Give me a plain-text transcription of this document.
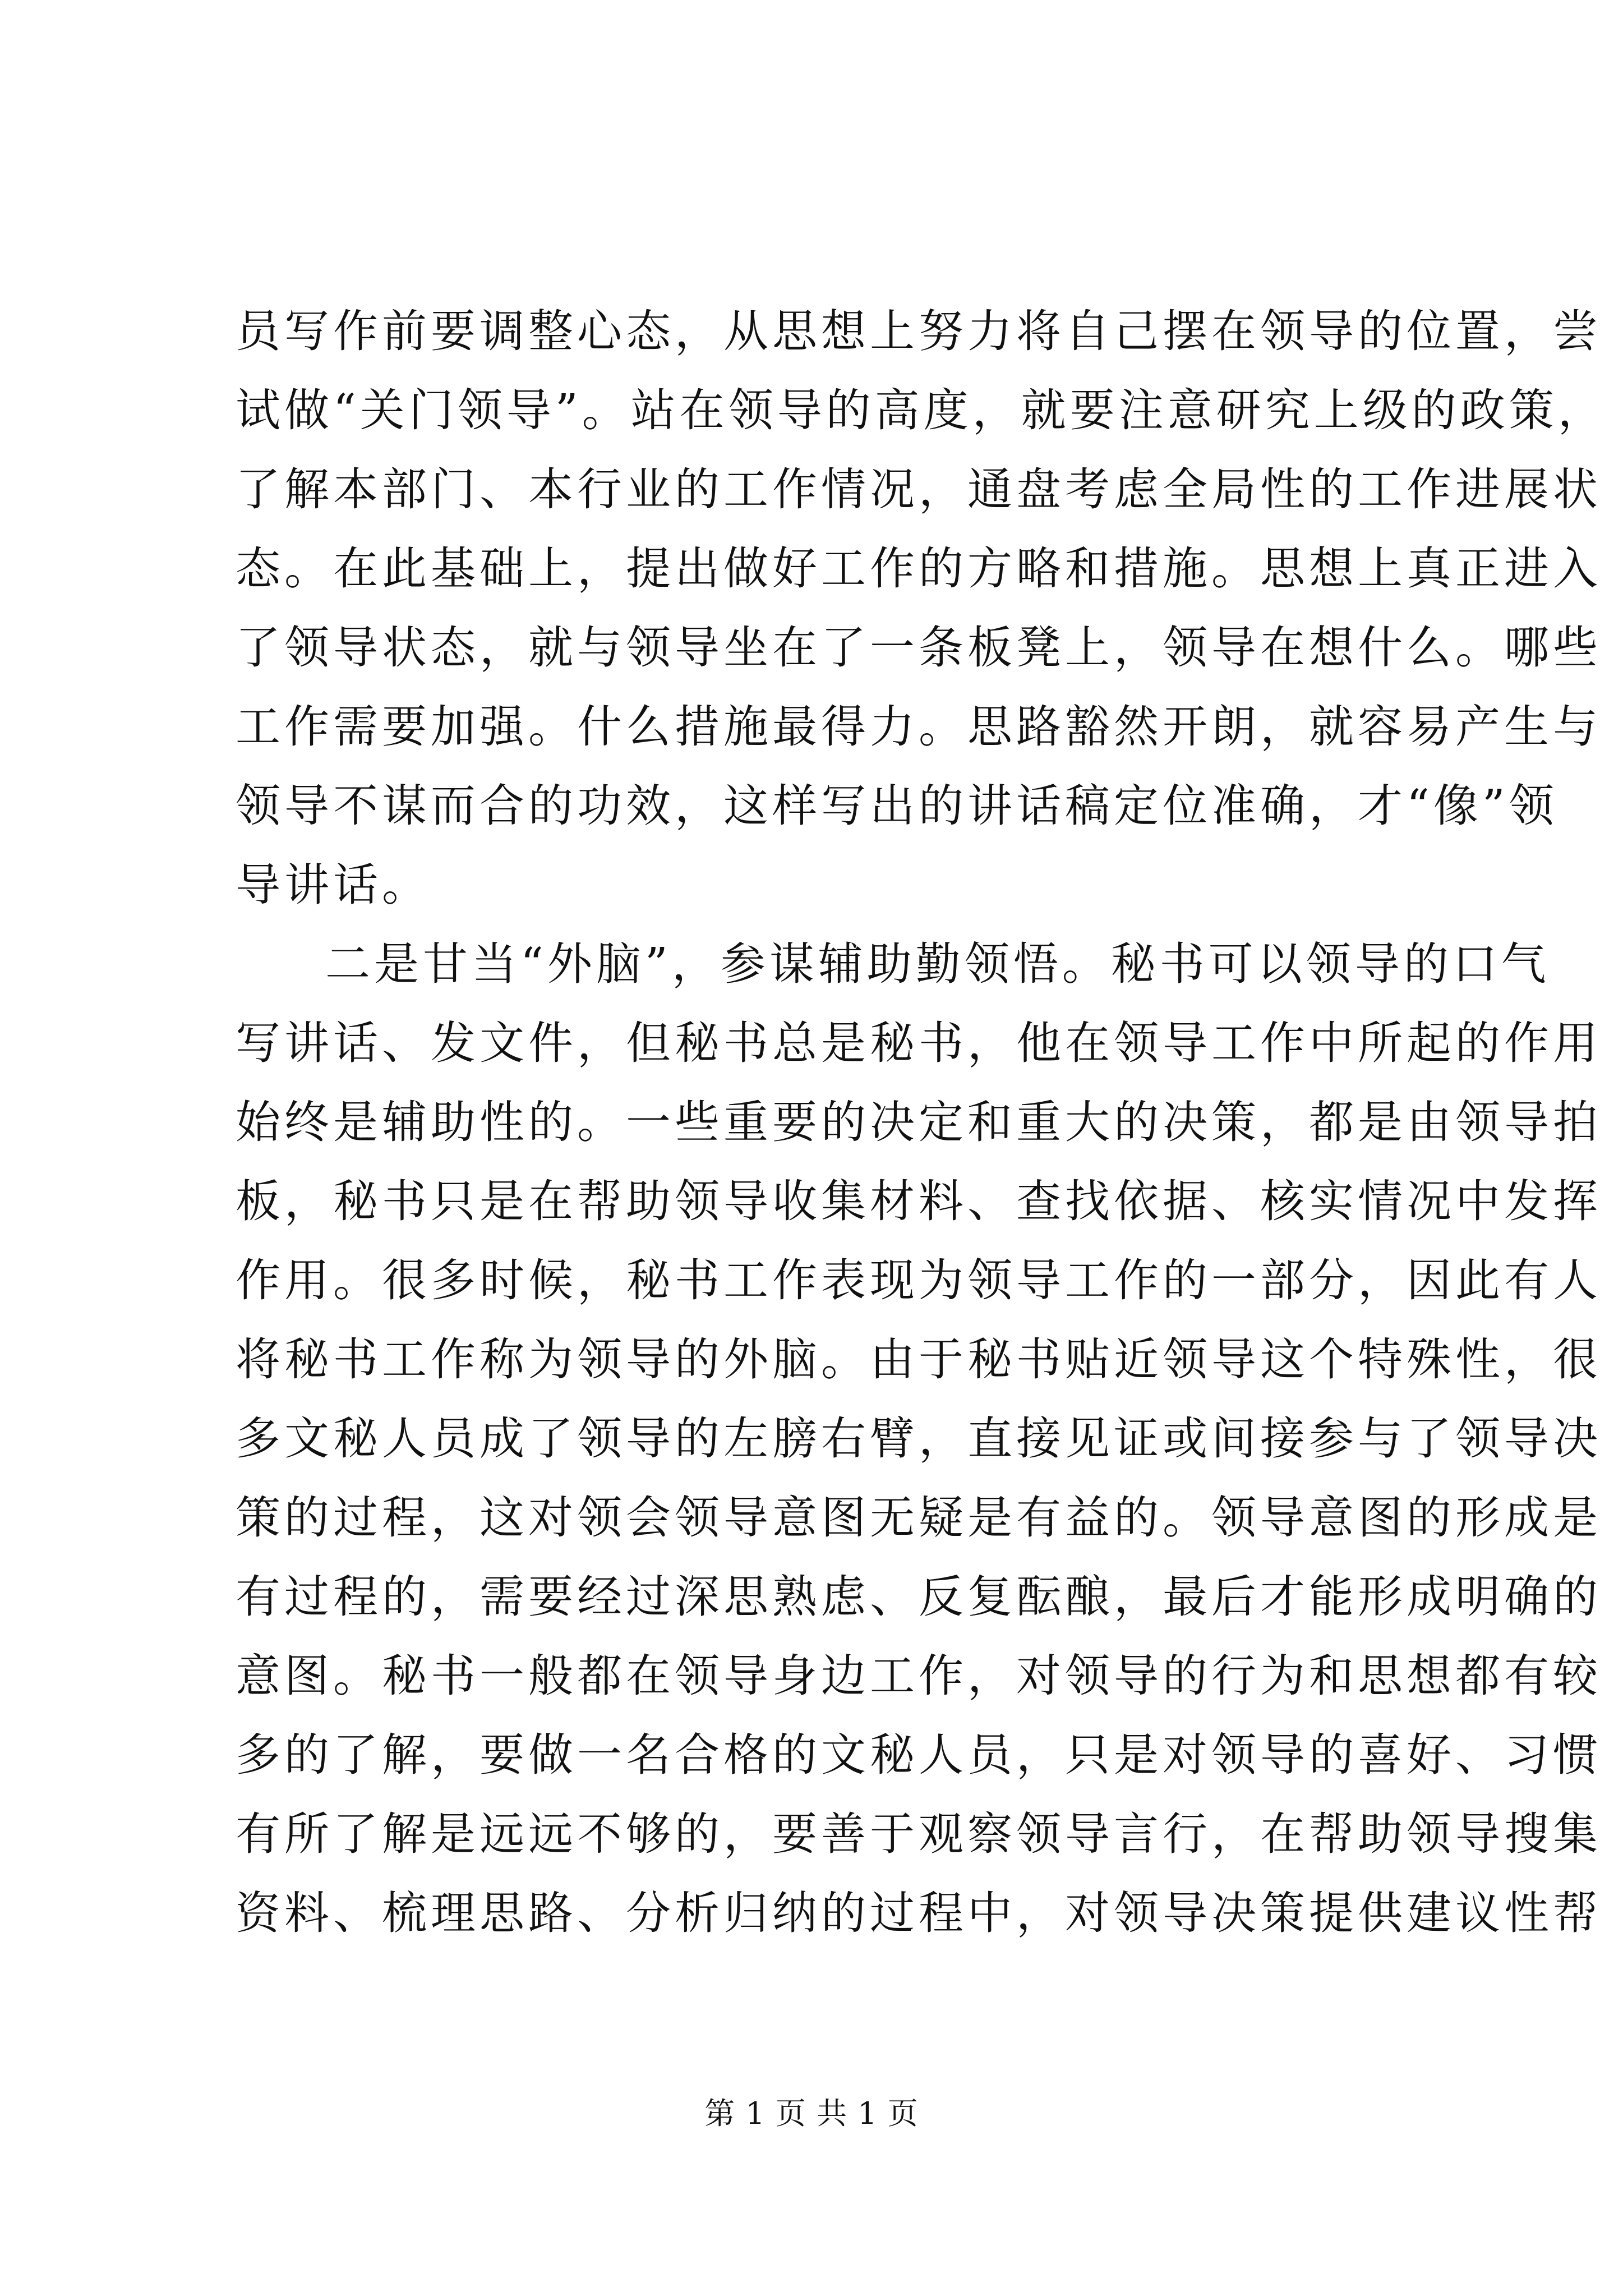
员写作前要调整心态，从思想上努力将自己摆在领导的位置，尝
试做“关门领导”。站在领导的高度，就要注意研究上级的政策，
了解本部门、本行业的工作情况，通盘考虑全局性的工作进展状
态。在此基础上，提出做好工作的方略和措施。思想上真正进入
了领导状态，就与领导坐在了一条板凳上，领导在想什么。哪些
工作需要加强。什么措施最得力。思路豁然开朗，就容易产生与
领导不谋而合的功效，这样写出的讲话稿定位准确，才“像”领
导讲话。
二是甘当“外脑”，参谋辅助勤领悟。秘书可以领导的口气
写讲话、发文件，但秘书总是秘书，他在领导工作中所起的作用
始终是辅助性的。一些重要的决定和重大的决策，都是由领导拍
板，秘书只是在帮助领导收集材料、查找依据、核实情况中发挥
作用。很多时候，秘书工作表现为领导工作的一部分，因此有人
将秘书工作称为领导的外脑。由于秘书贴近领导这个特殊性，很
多文秘人员成了领导的左膀右臂，直接见证或间接参与了领导决
策的过程，这对领会领导意图无疑是有益的。领导意图的形成是
有过程的，需要经过深思熟虑、反复酝酿，最后才能形成明确的
意图。秘书一般都在领导身边工作，对领导的行为和思想都有较
多的了解，要做一名合格的文秘人员，只是对领导的喜好、习惯
有所了解是远远不够的，要善于观察领导言行，在帮助领导搜集
资料、梳理思路、分析归纳的过程中，对领导决策提供建议性帮
第 1 页 共 1 页
